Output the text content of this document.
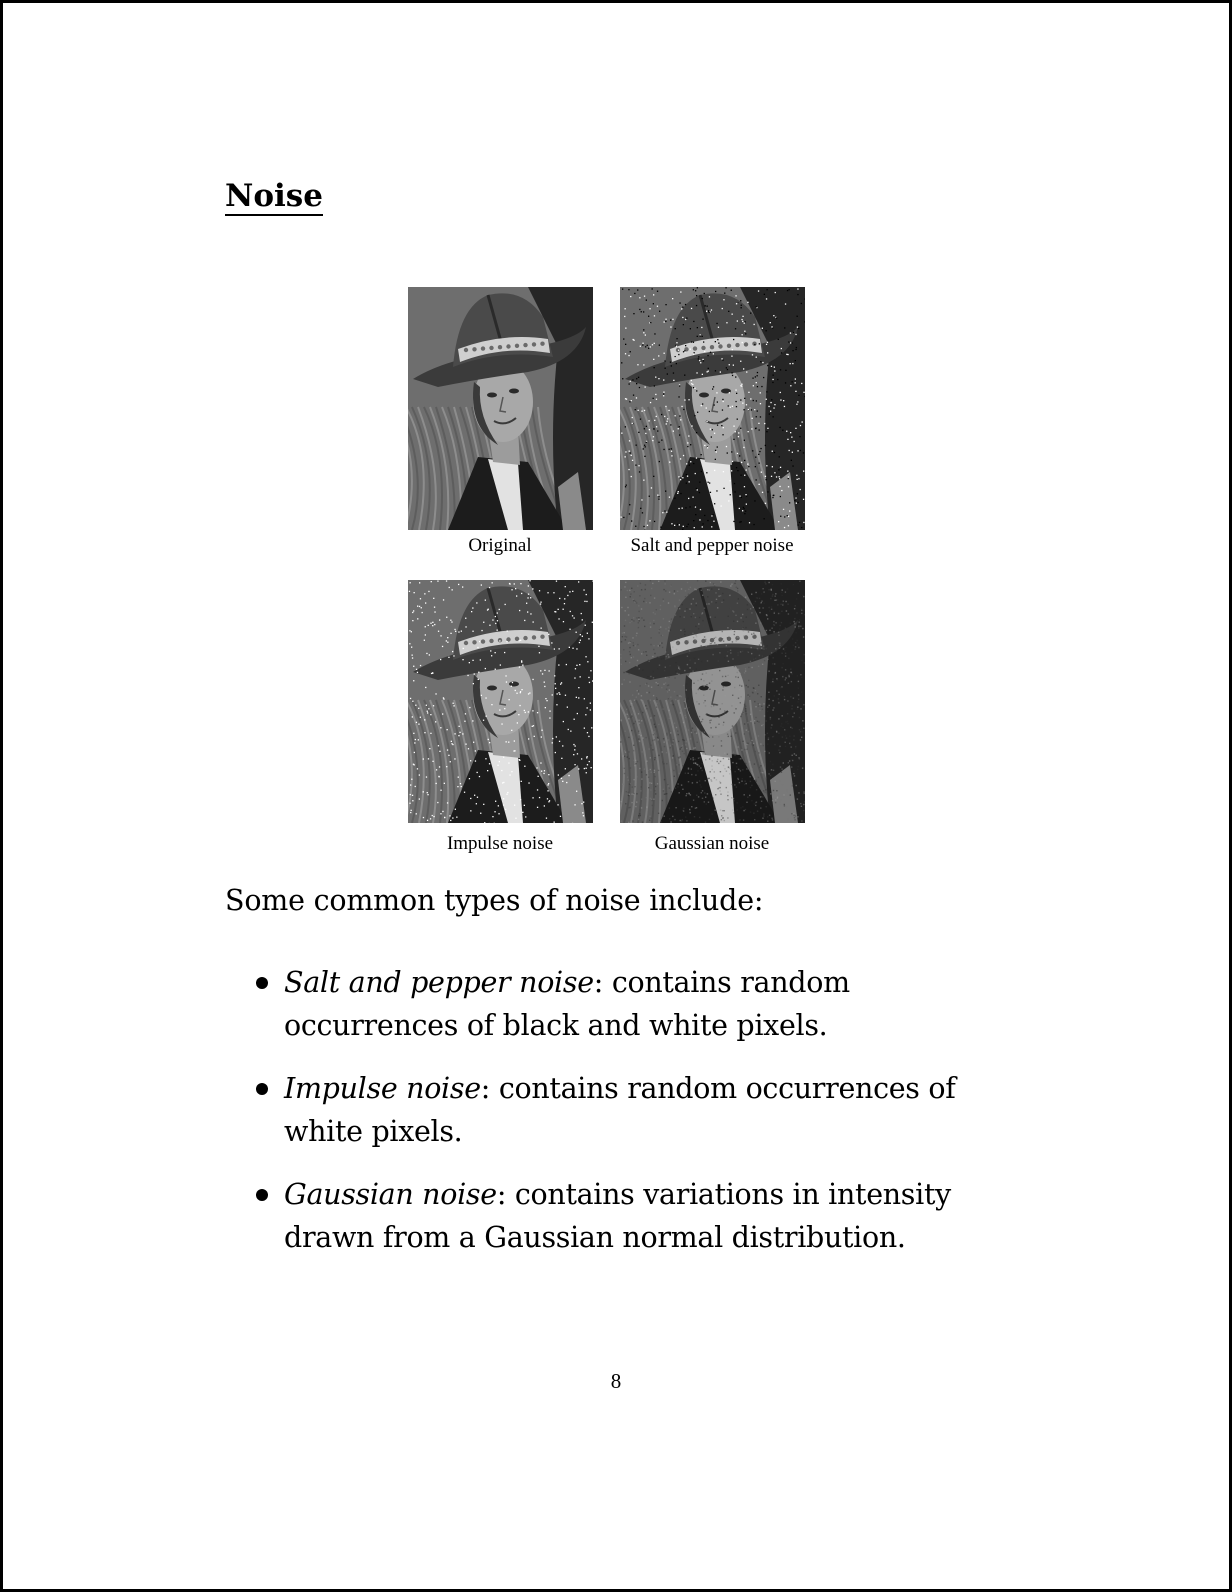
Noise
Original	Salt and pepper noise
Impulse noise	Gaussian noise
Some common types of noise include:
Salt and pepper noise: contains random occurrences of black and white pixels.
Impulse noise: contains random occurrences of white pixels.
Gaussian noise: contains variations in intensity drawn from a Gaussian normal distribution.
8
